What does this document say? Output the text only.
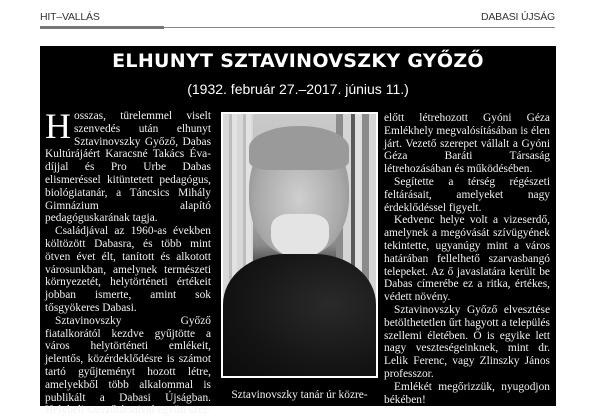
HIT–VALLÁS	DABASI ÚJSÁG
ELHUNYT SZTAVINOVSZKY GYŐZŐ
(1932. február 27.–2017. június 11.)

Hosszas, türelemmel viselt szenvedés után elhunyt Sztavinovszky Győző, Dabas Kultúrájáért Karacsné Takács Éva-díjjal és Pro Urbe Dabas elismeréssel kitüntetett pedagógus, biológiatanár, a Táncsics Mihály Gimnázium alapító pedagóguskarának tagja.

Családjával az 1960-as években költözött Dabasra, és több mint ötven évet élt, tanított és alkotott városunkban, amelynek természeti környezetét, helytörténeti értékeit jobban ismerte, amint sok tősgyökeres Dabasi.

Sztavinovszky Győző fiatalkorától kezdve gyűjtötte a város helytörténeti emlékeit, jelentős, közérdeklődésre is számot tartó gyűjteményt hozott létre, amelyekből több alkalommal is publikált a Dabasi Újságban. Helybeli szerzőtársaival együtt szer-

Sztavinovszky tanár úr közre-

előtt létrehozott Gyóni Géza Emlékhely megvalósításában is élen járt. Vezető szerepet vállalt a Gyóni Géza Baráti Társaság létrehozásában és működésében.

Segítette a térség régészeti feltárásait, amelyeket nagy érdeklődéssel figyelt.

Kedvenc helye volt a vizeserdő, amelynek a megóvását szívügyének tekintette, ugyanúgy mint a város határában fellelhető szarvasbangó telepeket. Az ő javaslatára került be Dabas címerébe ez a ritka, értékes, védett növény.

Sztavinovszky Győző elvesztése betölthetetlen űrt hagyott a település szellemi életében. Ő is egyike lett nagy veszteségeinknek, mint dr. Lelik Ferenc, vagy Zlinszky János professzor.

Emlékét megőrizzük, nyugodjon békében!
